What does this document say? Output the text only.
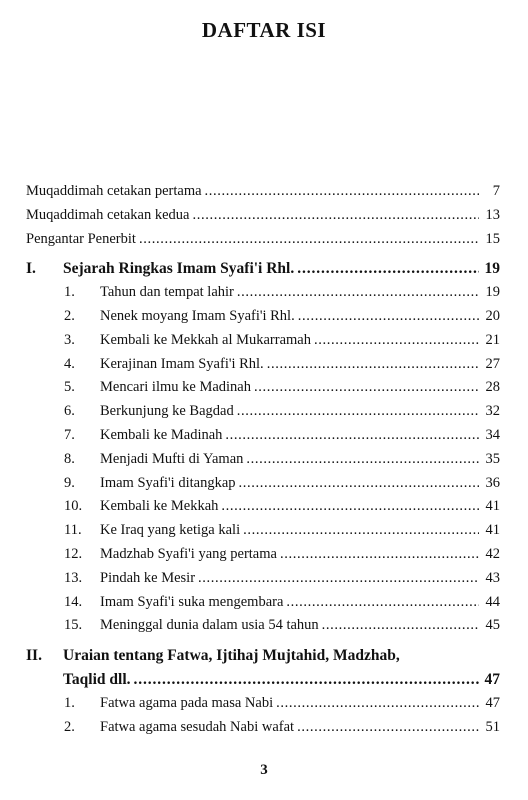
DAFTAR ISI
Muqaddimah cetakan pertama . . .	7
Muqaddimah cetakan kedua . . .	13
Pengantar Penerbit . . .	15
I.	Sejarah Ringkas Imam Syafi'i Rhl. . . .	19
1.	Tahun dan tempat lahir . . .	19
2.	Nenek moyang Imam Syafi'i Rhl. . . .	20
3.	Kembali ke Mekkah al Mukarramah . . .	21
4.	Kerajinan Imam Syafi'i Rhl. . . .	27
5.	Mencari ilmu ke Madinah . . .	28
6.	Berkunjung ke Bagdad . . .	32
7.	Kembali ke Madinah . . .	34
8.	Menjadi Mufti di Yaman . . .	35
9.	Imam Syafi'i ditangkap . . .	36
10.	Kembali ke Mekkah . . .	41
11.	Ke Iraq yang ketiga kali . . .	41
12.	Madzhab Syafi'i yang pertama . . .	42
13.	Pindah ke Mesir . . .	43
14.	Imam Syafi'i suka mengembara . . .	44
15.	Meninggal dunia dalam usia 54 tahun . . .	45
II.	Uraian tentang Fatwa, Ijtihaj Mujtahid, Madzhab,
Taqlid dll. . . .	47
1.	Fatwa agama pada masa Nabi . . .	47
2.	Fatwa agama sesudah Nabi wafat . . .	51
3
